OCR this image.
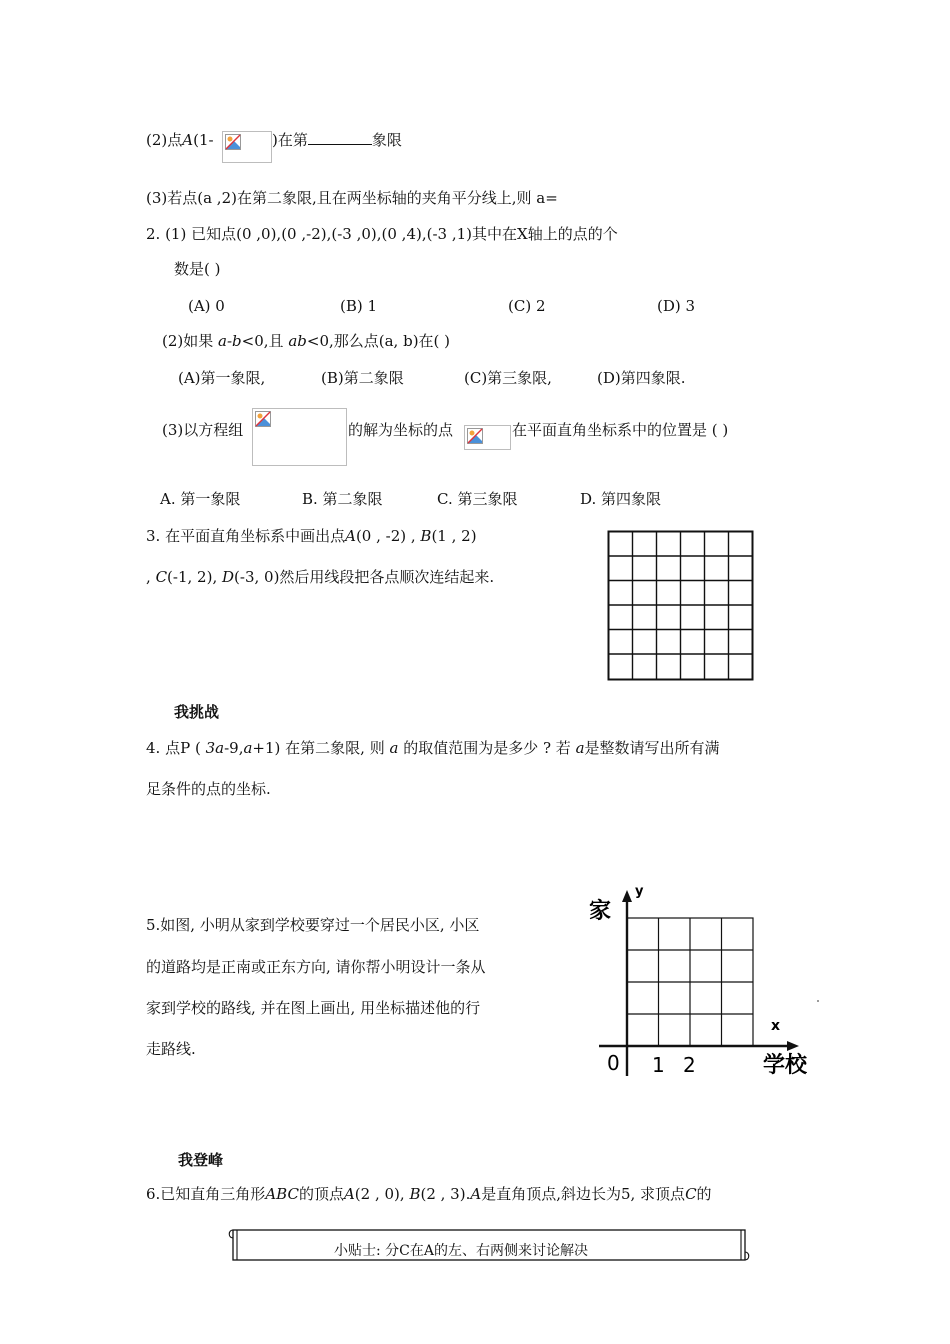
(2)点A(1-	)在第	象限
(3)若点(a ,2)在第二象限,且在两坐标轴的夹角平分线上,则 a=
2. (1) 已知点(0 ,0),(0 ,-2),(-3 ,0),(0 ,4),(-3 ,1)其中在X轴上的点的个
数是( )
(A) 0	(B) 1	(C) 2	(D) 3
(2)如果 a-b<0,且 ab<0,那么点(a, b)在( )
(A)第一象限,	(B)第二象限	(C)第三象限,	(D)第四象限.
(3)以方程组	的解为坐标的点	在平面直角坐标系中的位置是 ( )
A. 第一象限	B. 第二象限	C. 第三象限	D. 第四象限
3. 在平面直角坐标系中画出点A(0 , -2) , B(1 , 2)
, C(-1, 2), D(-3, 0)然后用线段把各点顺次连结起来.
我挑战
4. 点P ( 3a-9,a+1) 在第二象限, 则 a 的取值范围为是多少 ? 若 a是整数请写出所有满
足条件的点的坐标.
5.如图, 小明从家到学校要穿过一个居民小区, 小区
的道路均是正南或正东方向, 请你帮小明设计一条从
家到学校的路线, 并在图上画出, 用坐标描述他的行
走路线.
y
x
家
学校
0 1 2
我登峰
6.已知直角三角形ABC的顶点A(2 , 0), B(2 , 3).A是直角顶点,斜边长为5, 求顶点C的
小贴士: 分C在A的左、右两侧来讨论解决
